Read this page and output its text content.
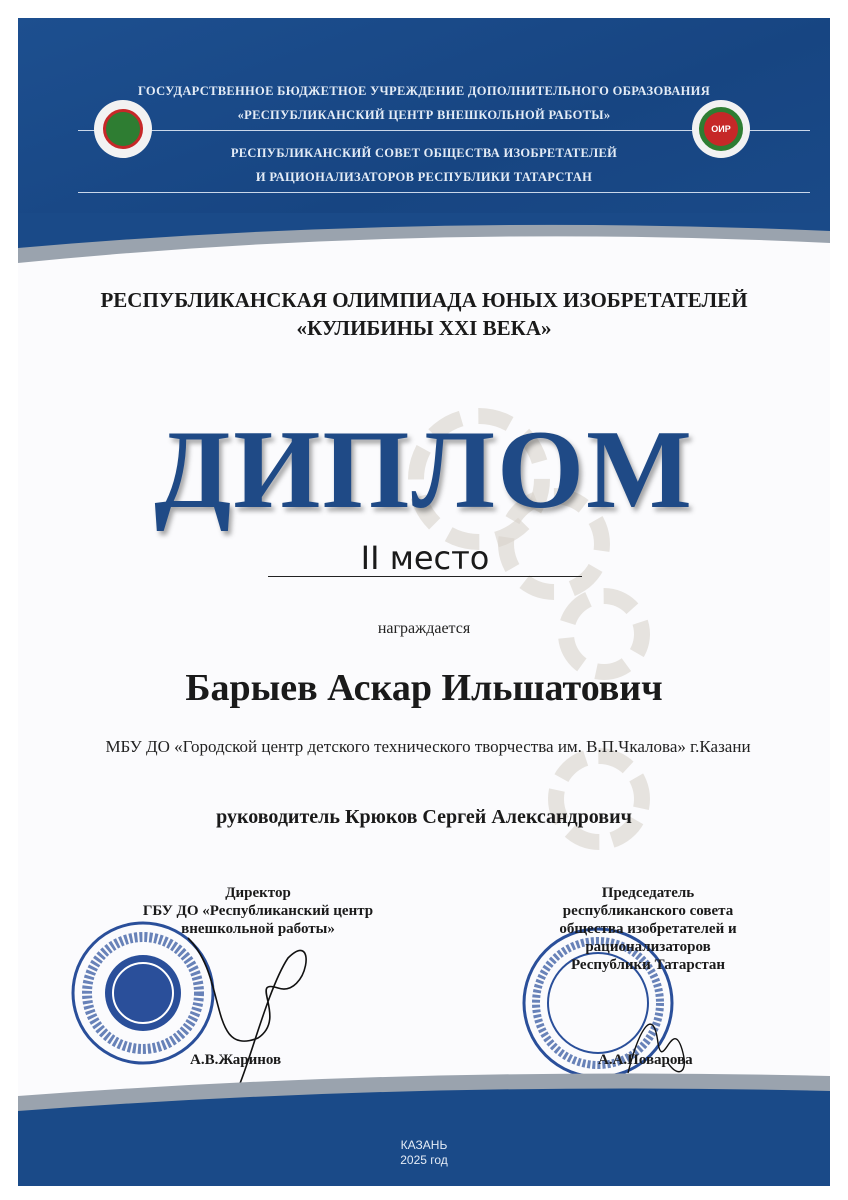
ГОСУДАРСТВЕННОЕ БЮДЖЕТНОЕ УЧРЕЖДЕНИЕ ДОПОЛНИТЕЛЬНОГО ОБРАЗОВАНИЯ
«РЕСПУБЛИКАНСКИЙ ЦЕНТР ВНЕШКОЛЬНОЙ РАБОТЫ»
РЕСПУБЛИКАНСКИЙ СОВЕТ ОБЩЕСТВА ИЗОБРЕТАТЕЛЕЙ
И РАЦИОНАЛИЗАТОРОВ РЕСПУБЛИКИ ТАТАРСТАН
ОИР
РЕСПУБЛИКАНСКАЯ ОЛИМПИАДА ЮНЫХ ИЗОБРЕТАТЕЛЕЙ
«КУЛИБИНЫ XXI ВЕКА»
ДИПЛОМ
II место
награждается
Барыев Аскар Ильшатович
МБУ ДО «Городской центр детского технического творчества им. В.П.Чкалова» г.Казани
руководитель Крюков Сергей Александрович
Директор
ГБУ ДО «Республиканский центр
внешкольной работы»
А.В.Жаринов
Председатель
республиканского совета
общества изобретателей и
рационализаторов
Республики Татарстан
А.А.Поварова
КАЗАНЬ
2025 год
